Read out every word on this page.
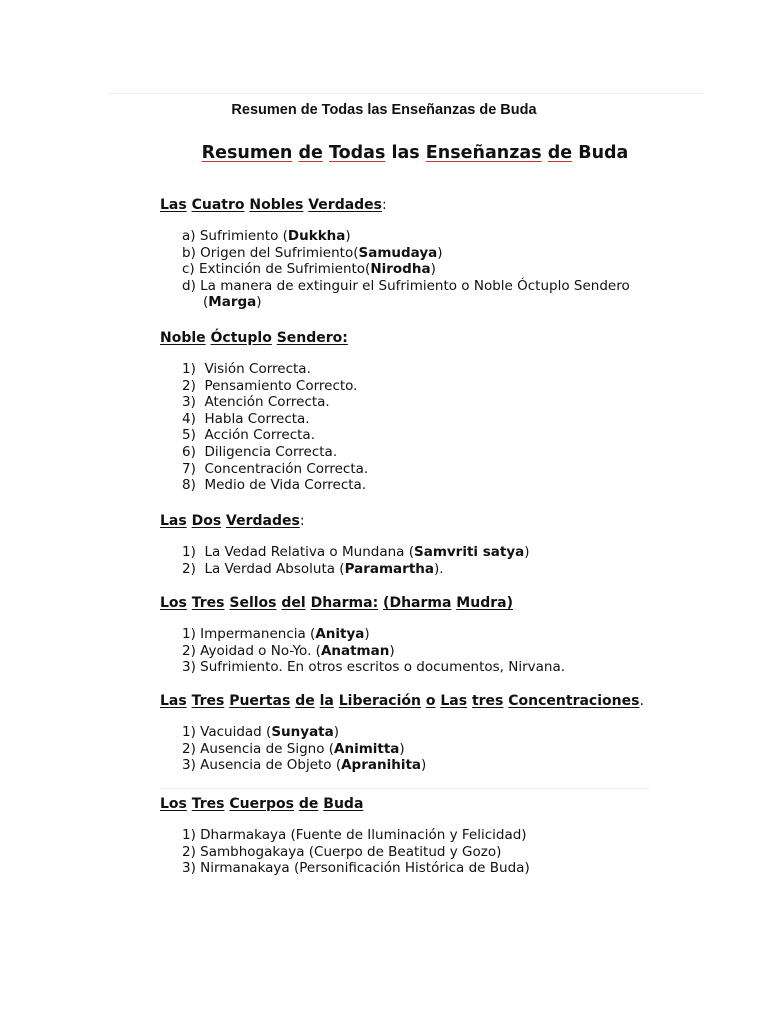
Resumen de Todas las Enseñanzas de Buda
Resumen de Todas las Enseñanzas de Buda
Las Cuatro Nobles Verdades:
a) Sufrimiento (Dukkha)
b) Origen del Sufrimiento(Samudaya)
c) Extinción de Sufrimiento(Nirodha)
d) La manera de extinguir el Sufrimiento o Noble Óctuplo Sendero
(Marga)
Noble Óctuplo Sendero:
1) Visión Correcta.
2) Pensamiento Correcto.
3) Atención Correcta.
4) Habla Correcta.
5) Acción Correcta.
6) Diligencia Correcta.
7) Concentración Correcta.
8) Medio de Vida Correcta.
Las Dos Verdades:
1) La Vedad Relativa o Mundana (Samvriti satya)
2) La Verdad Absoluta (Paramartha).
Los Tres Sellos del Dharma: (Dharma Mudra)
1) Impermanencia (Anitya)
2) Ayoidad o No-Yo. (Anatman)
3) Sufrimiento. En otros escritos o documentos, Nirvana.
Las Tres Puertas de la Liberación o Las tres Concentraciones.
1) Vacuidad (Sunyata)
2) Ausencia de Signo (Animitta)
3) Ausencia de Objeto (Apranihita)
Los Tres Cuerpos de Buda
1) Dharmakaya (Fuente de Iluminación y Felicidad)
2) Sambhogakaya (Cuerpo de Beatitud y Gozo)
3) Nirmanakaya (Personificación Histórica de Buda)
